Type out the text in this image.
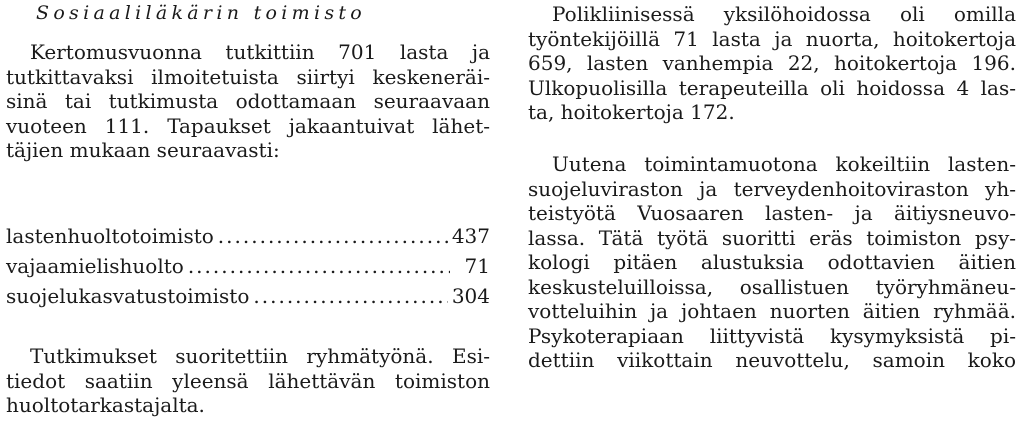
Sosiaaliläkärin toimisto
Kertomusvuonna tutkittiin 701 lasta ja
tutkittavaksi ilmoitetuista siirtyi keskeneräi-
sinä tai tutkimusta odottamaan seuraavaan
vuoteen 111. Tapaukset jakaantuivat lähet-
täjien mukaan seuraavasti:
lastenhuoltotoimisto .....	437
vajaamielishuolto .....	71
suojelukasvatustoimisto .....	304
Tutkimukset suoritettiin ryhmätyönä. Esi-
tiedot saatiin yleensä lähettävän toimiston
huoltotarkastajalta.
Polikliinisessä yksilöhoidossa oli omilla
työntekijöillä 71 lasta ja nuorta, hoitokertoja
659, lasten vanhempia 22, hoitokertoja 196.
Ulkopuolisilla terapeuteilla oli hoidossa 4 las-
ta, hoitokertoja 172.
Uutena toimintamuotona kokeiltiin lasten-
suojeluviraston ja terveydenhoitoviraston yh-
teistyötä Vuosaaren lasten- ja äitiysneuvo-
lassa. Tätä työtä suoritti eräs toimiston psy-
kologi pitäen alustuksia odottavien äitien
keskusteluilloissa, osallistuen työryhmäneu-
votteluihin ja johtaen nuorten äitien ryhmää.
Psykoterapiaan liittyvistä kysymyksistä pi-
dettiin viikottain neuvottelu, samoin koko
